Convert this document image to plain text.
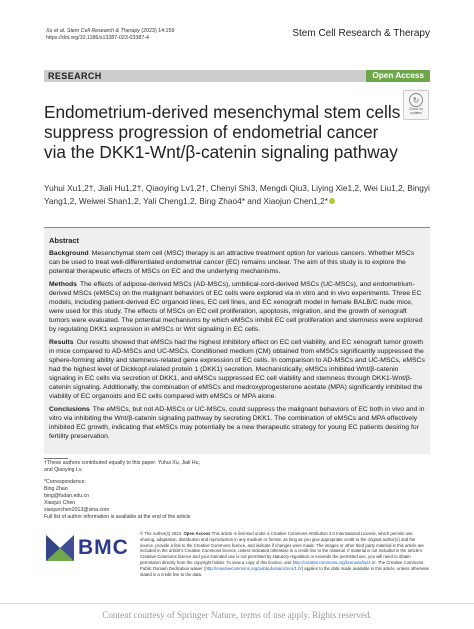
Xu et al. Stem Cell Research & Therapy (2023) 14:159
https://doi.org/10.1186/s13287-023-03387-4	Stem Cell Research & Therapy
RESEARCH	Open Access
Endometrium-derived mesenchymal stem cells suppress progression of endometrial cancer via the DKK1-Wnt/β-catenin signaling pathway
↻
Check for updates
Yuhui Xu1,2†, Jiali Hu1,2†, Qiaoying Lv1,2†, Chenyi Shi3, Mengdi Qiu3, Liying Xie1,2, Wei Liu1,2, Bingyi Yang1,2, Weiwei Shan1,2, Yali Cheng1,2, Bing Zhao4* and Xiaojun Chen1,2*
Abstract
Background Mesenchymal stem cell (MSC) therapy is an attractive treatment option for various cancers. Whether MSCs can be used to treat well-differentiated endometrial cancer (EC) remains unclear. The aim of this study is to explore the potential therapeutic effects of MSCs on EC and the underlying mechanisms.
Methods The effects of adipose-derived MSCs (AD-MSCs), umbilical-cord-derived MSCs (UC-MSCs), and endometrium-derived MSCs (eMSCs) on the malignant behaviors of EC cells were explored via in vitro and in vivo experiments. Three EC models, including patient-derived EC organoid lines, EC cell lines, and EC xenograft model in female BALB/C nude mice, were used for this study. The effects of MSCs on EC cell proliferation, apoptosis, migration, and the growth of xenograft tumors were evaluated. The potential mechanisms by which eMSCs inhibit EC cell proliferation and stemness were explored by regulating DKK1 expression in eMSCs or Wnt signaling in EC cells.
Results Our results showed that eMSCs had the highest inhibitory effect on EC cell viability, and EC xenograft tumor growth in mice compared to AD-MSCs and UC-MSCs. Conditioned medium (CM) obtained from eMSCs significantly suppressed the sphere-forming ability and stemness-related gene expression of EC cells. In comparison to AD-MSCs and UC-MSCs, eMSCs had the highest level of Dickkopf-related protein 1 (DKK1) secretion. Mechanistically, eMSCs inhibited Wnt/β-catenin signaling in EC cells via secretion of DKK1, and eMSCs suppressed EC cell viability and stemness through DKK1-Wnt/β-catenin signaling. Additionally, the combination of eMSCs and medroxyprogesterone acetate (MPA) significantly inhibited the viability of EC organoids and EC cells compared with eMSCs or MPA alone.
Conclusions The eMSCs, but not AD-MSCs or UC-MSCs, could suppress the malignant behaviors of EC both in vivo and in vitro via inhibiting the Wnt/β-catenin signaling pathway by secreting DKK1. The combination of eMSCs and MPA effectively inhibited EC growth, indicating that eMSCs may potentially be a new therapeutic strategy for young EC patients desiring for fertility preservation.
†These authors contributed equally to this paper: Yuhui Xu, Jiali Hu, and Qiaoying Lv.
*Correspondence:
Bing Zhao
bing@fudan.edu.cn
Xiaojun Chen
xiaojunchen2013@sina.com
Full list of author information is available at the end of the article
BMC
© The Author(s) 2023. Open Access This article is licensed under a Creative Commons Attribution 4.0 International License, which permits use, sharing, adaptation, distribution and reproduction in any medium or format, as long as you give appropriate credit to the original author(s) and the source, provide a link to the Creative Commons licence, and indicate if changes were made. The images or other third party material in this article are included in the article's Creative Commons licence, unless indicated otherwise in a credit line to the material. If material is not included in the article's Creative Commons licence and your intended use is not permitted by statutory regulation or exceeds the permitted use, you will need to obtain permission directly from the copyright holder. To view a copy of this licence, visit http://creativecommons.org/licenses/by/4.0/. The Creative Commons Public Domain Dedication waiver (http://creativecommons.org/publicdomain/zero/1.0/) applies to the data made available in this article, unless otherwise stated in a credit line to the data.
Content courtesy of Springer Nature, terms of use apply. Rights reserved.
